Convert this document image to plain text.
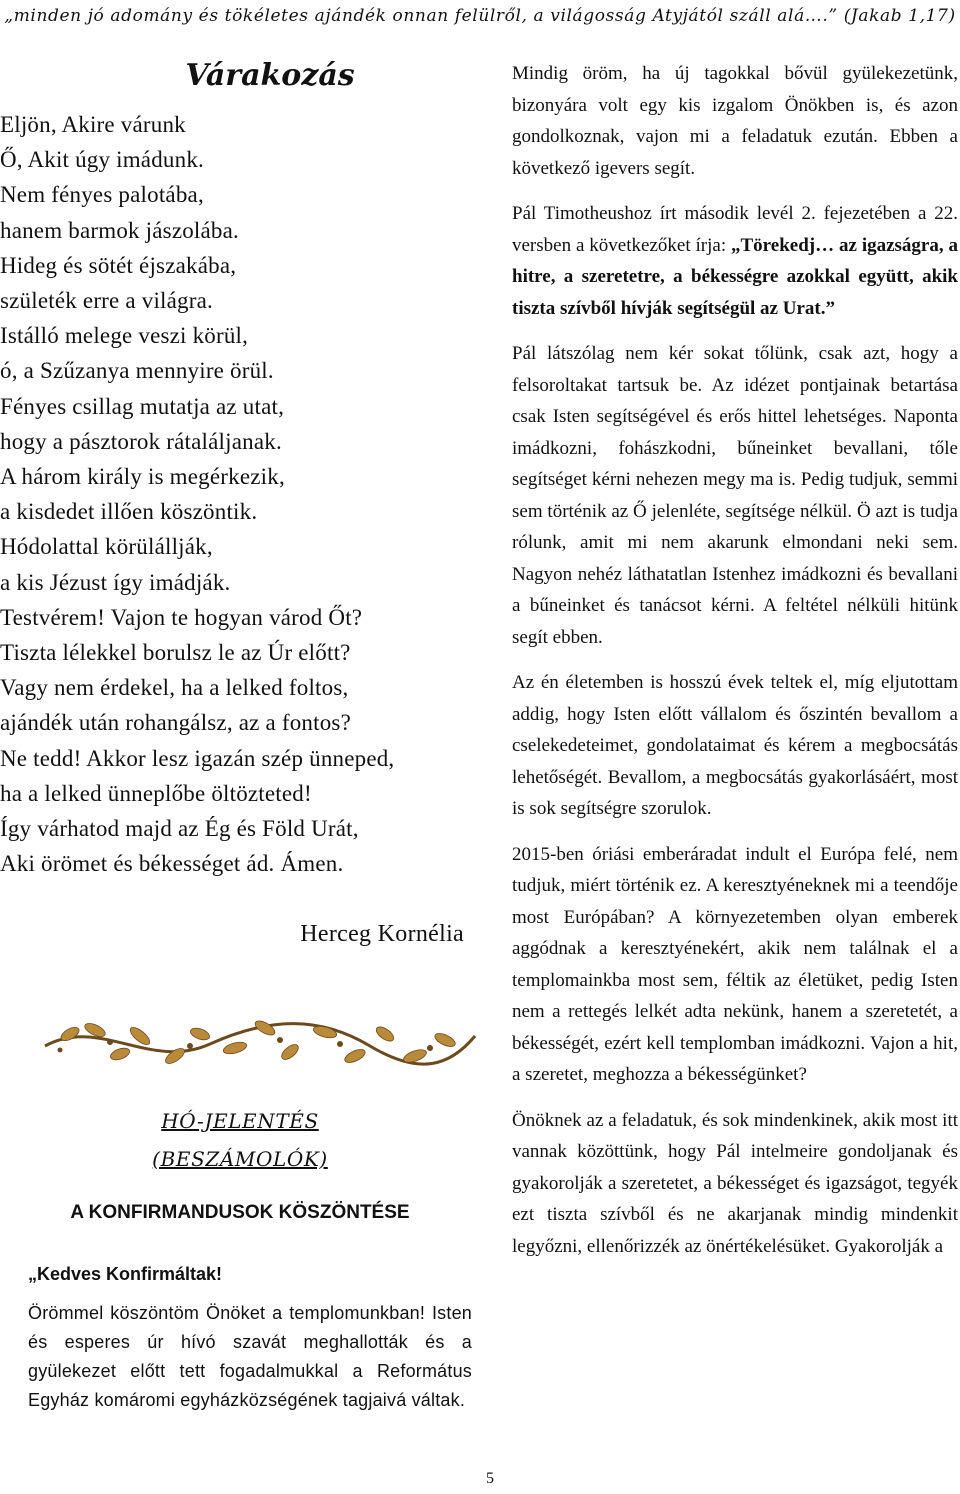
„minden jó adomány és tökéletes ajándék onnan felülről, a világosság Atyjától száll alá….” (Jakab 1,17)
Várakozás
Eljön, Akire várunk
Ő, Akit úgy imádunk.
Nem fényes palotába,
hanem barmok jászolába.
Hideg és sötét éjszakába,
születék erre a világra.
Istálló melege veszi körül,
ó, a Szűzanya mennyire örül.
Fényes csillag mutatja az utat,
hogy a pásztorok rátaláljanak.
A három király is megérkezik,
a kisdedet illően köszöntik.
Hódolattal körülállják,
a kis Jézust így imádják.
Testvérem! Vajon te hogyan várod Őt?
Tiszta lélekkel borulsz le az Úr előtt?
Vagy nem érdekel, ha a lelked foltos,
ajándék után rohangálsz, az a fontos?
Ne tedd! Akkor lesz igazán szép ünneped,
ha a lelked ünneplőbe öltözteted!
Így várhatod majd az Ég és Föld Urát,
Aki örömet és békességet ád. Ámen.
Herceg Kornélia
HÓ-JELENTÉS
(BESZÁMOLÓK)
A KONFIRMANDUSOK KÖSZÖNTÉSE
„Kedves Konfirmáltak!
Örömmel köszöntöm Önöket a templomunkban! Isten és esperes úr hívó szavát meghallották és a gyülekezet előtt tett fogadalmukkal a Református Egyház komáromi egyházközségének tagjaivá váltak.

Mindig öröm, ha új tagokkal bővül gyülekezetünk, bizonyára volt egy kis izgalom Önökben is, és azon gondolkoznak, vajon mi a feladatuk ezután. Ebben a következő igevers segít.

Pál Timotheushoz írt második levél 2. fejezetében a 22. versben a következőket írja: „Törekedj… az igazságra, a hitre, a szeretetre, a békességre azokkal együtt, akik tiszta szívből hívják segítségül az Urat.”

Pál látszólag nem kér sokat tőlünk, csak azt, hogy a felsoroltakat tartsuk be. Az idézet pontjainak betartása csak Isten segítségével és erős hittel lehetséges. Naponta imádkozni, fohászkodni, bűneinket bevallani, tőle segítséget kérni nehezen megy ma is. Pedig tudjuk, semmi sem történik az Ő jelenléte, segítsége nélkül. Ö azt is tudja rólunk, amit mi nem akarunk elmondani neki sem. Nagyon nehéz láthatatlan Istenhez imádkozni és bevallani a bűneinket és tanácsot kérni. A feltétel nélküli hitünk segít ebben.

Az én életemben is hosszú évek teltek el, míg eljutottam addig, hogy Isten előtt vállalom és őszintén bevallom a cselekedeteimet, gondolataimat és kérem a megbocsátás lehetőségét. Bevallom, a megbocsátás gyakorlásáért, most is sok segítségre szorulok.

2015-ben óriási emberáradat indult el Európa felé, nem tudjuk, miért történik ez. A keresztyéneknek mi a teendője most Európában? A környezetemben olyan emberek aggódnak a keresztyénekért, akik nem találnak el a templomainkba most sem, féltik az életüket, pedig Isten nem a rettegés lelkét adta nekünk, hanem a szeretetét, a békességét, ezért kell templomban imádkozni. Vajon a hit, a szeretet, meghozza a békességünket?

Önöknek az a feladatuk, és sok mindenkinek, akik most itt vannak közöttünk, hogy Pál intelmeire gondoljanak és gyakorolják a szeretetet, a békességet és igazságot, tegyék ezt tiszta szívből és ne akarjanak mindig mindenkit legyőzni, ellenőrizzék az önértékelésüket. Gyakorolják a

5
